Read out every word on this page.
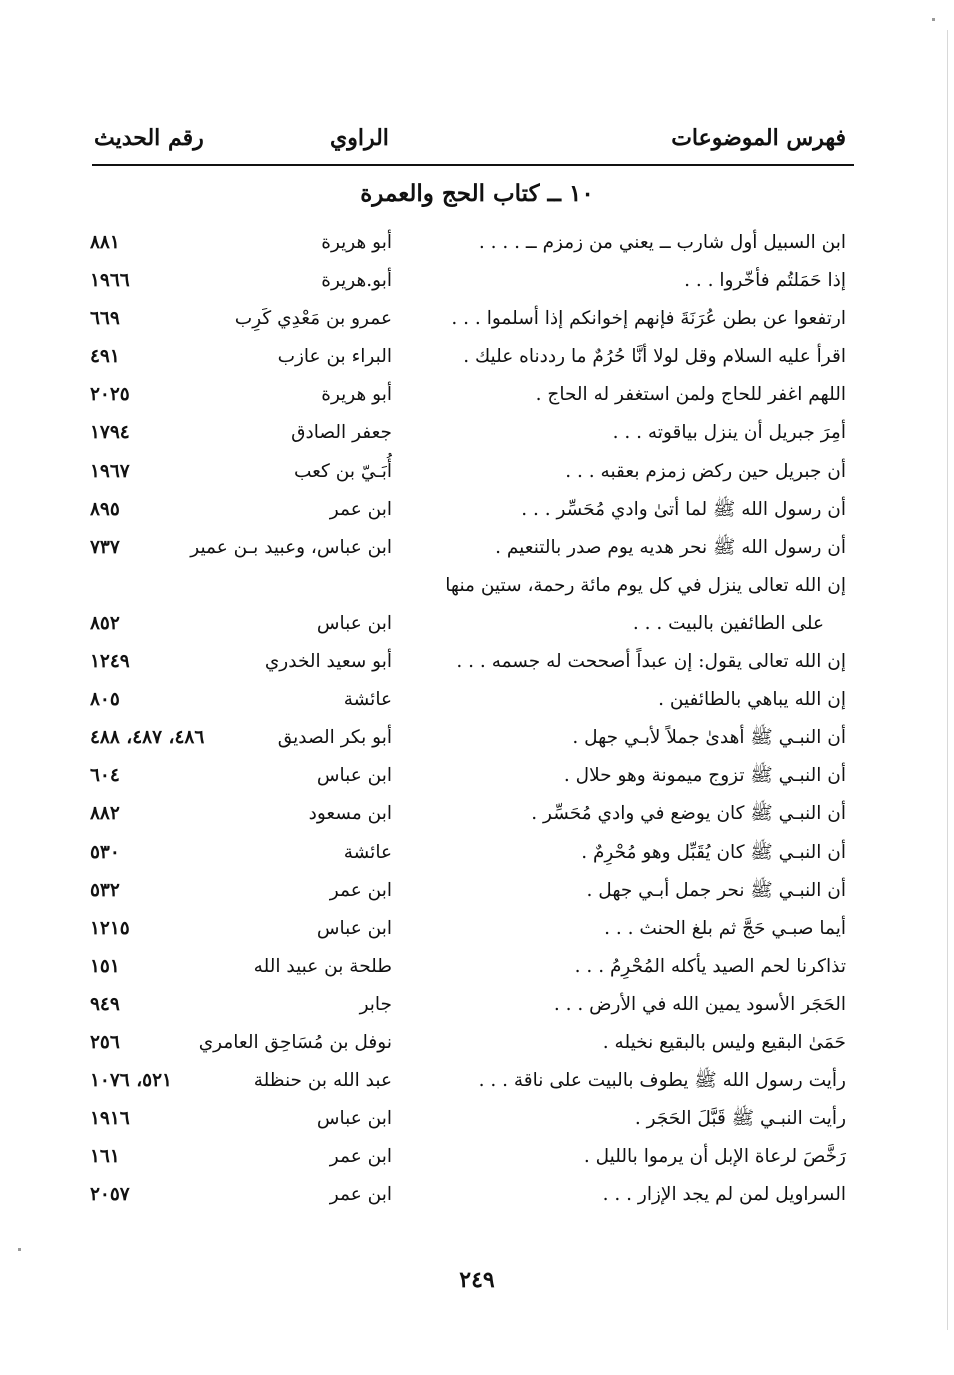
فهرس الموضوعات
الراوي
رقم الحديث
١٠ ــ كتاب الحج والعمرة
ابن السبيل أول شارب ــ يعني من زمزم ــ . . . .
أبو هريرة
٨٨١
إذا حَمَلتُم فأخّروا . . .
أبو.هريرة
١٩٦٦
ارتفعوا عن بطن عُرَنَةَ فإنهم إخوانكم إذا أسلموا . . .
عمرو بن مَعْدِي كَرِب
٦٦٩
اقرأ عليه السلام وقل لولا أنَّا حُرُمٌ ما رددناه عليك .
البراء بن عازب
٤٩١
اللهم اغفر للحاج ولمن استغفر له الحاج .
أبو هريرة
٢٠٢٥
أمِرَ جبريل أن ينزل بياقوته . . .
جعفر الصادق
١٧٩٤
أن جبريل حين ركض زمزم بعقبه . . .
أُبَـيّ بن كعب
١٩٦٧
أن رسول الله ﷺ لما أتىٰ وادي مُحَسِّر . . .
ابن عمر
٨٩٥
أن رسول الله ﷺ نحر هديه يوم صدر بالتنعيم .
ابن عباس، وعبيد بـن عمير
٧٣٧
إن الله تعالى ينزل في كل يوم مائة رحمة، ستين منها
على الطائفين بالبيت . . .
ابن عباس
٨٥٢
إن الله تعالى يقول: إن عبداً أصححت له جسمه . . .
أبو سعيد الخدري
١٢٤٩
إن الله يباهي بالطائفين .
عائشة
٨٠٥
أن النبـي ﷺ أهدىٰ جملاً لأبـي جهل .
أبو بكر الصديق
٤٨٦، ٤٨٧، ٤٨٨
أن النبـي ﷺ تزوج ميمونة وهو حلال .
ابن عباس
٦٠٤
أن النبـي ﷺ كان يوضع في وادي مُحَسِّر .
ابن مسعود
٨٨٢
أن النبـي ﷺ كان يُقَبِّل وهو مُحْرِمٌ .
عائشة
٥٣٠
أن النبـي ﷺ نحر جمل أبـي جهل .
ابن عمر
٥٣٢
أيما صبـي حَجَّ ثم بلغ الحنث . . .
ابن عباس
١٢١٥
تذاكرنا لحم الصيد يأكله المُحْرِمُ . . .
طلحة بن عبيد الله
١٥١
الحَجَر الأسود يمين الله في الأرض . . .
جابر
٩٤٩
حَمَىٰ البقيع وليس بالبقيع نخيله .
نوفل بن مُسَاحِق العامري
٢٥٦
رأيت رسول الله ﷺ يطوف بالبيت على ناقة . . .
عبد الله بن حنظلة
٥٢١، ١٠٧٦
رأيت النبـي ﷺ قَبَّلَ الحَجَر .
ابن عباس
١٩١٦
رَخَّصَ لرعاة الإبل أن يرموا بالليل .
ابن عمر
١٦١
السراويل لمن لم يجد الإزار . . .
ابن عمر
٢٠٥٧
٢٤٩
